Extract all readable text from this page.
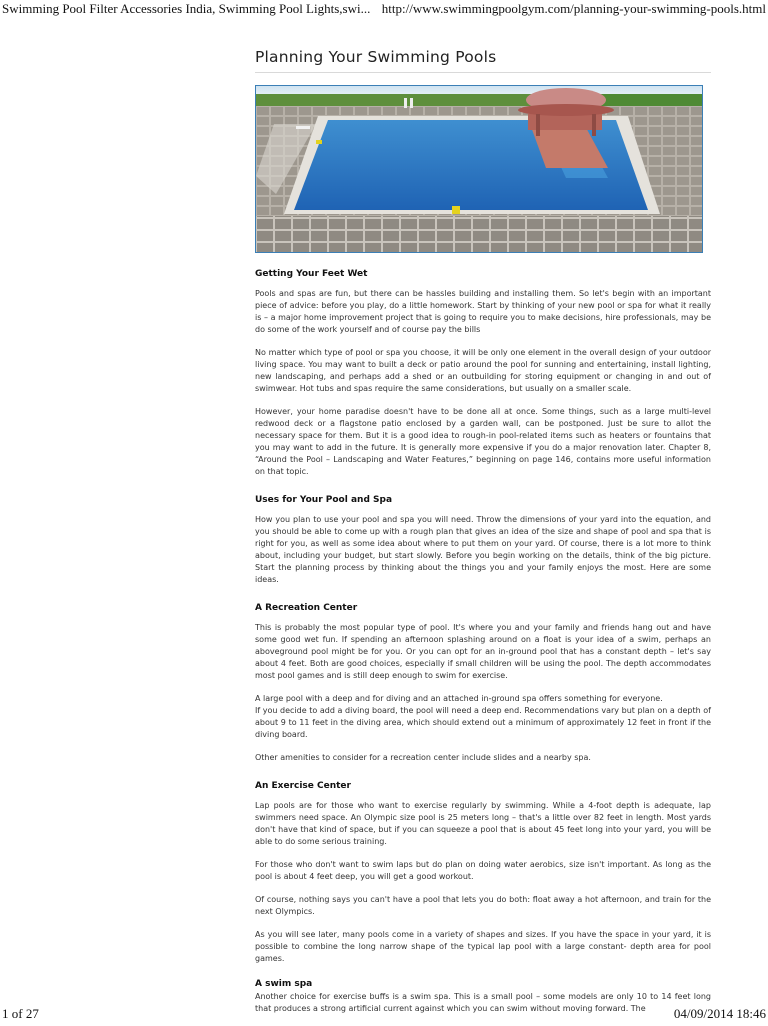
Swimming Pool Filter Accessories India, Swimming Pool Lights,swi... http://www.swimmingpoolgym.com/planning-your-swimming-pools.html
Planning Your Swimming Pools
Getting Your Feet Wet

Pools and spas are fun, but there can be hassles building and installing them. So let's begin with an important piece of advice: before you play, do a little homework. Start by thinking of your new pool or spa for what it really is – a major home improvement project that is going to require you to make decisions, hire professionals, may be do some of the work yourself and of course pay the bills

No matter which type of pool or spa you choose, it will be only one element in the overall design of your outdoor living space. You may want to built a deck or patio around the pool for sunning and entertaining, install lighting, new landscaping, and perhaps add a shed or an outbuilding for storing equipment or changing in and out of swimwear. Hot tubs and spas require the same considerations, but usually on a smaller scale.

However, your home paradise doesn't have to be done all at once. Some things, such as a large multi-level redwood deck or a flagstone patio enclosed by a garden wall, can be postponed. Just be sure to allot the necessary space for them. But it is a good idea to rough-in pool-related items such as heaters or fountains that you may want to add in the future. It is generally more expensive if you do a major renovation later. Chapter 8, “Around the Pool – Landscaping and Water Features,” beginning on page 146, contains more useful information on that topic.

Uses for Your Pool and Spa

How you plan to use your pool and spa you will need. Throw the dimensions of your yard into the equation, and you should be able to come up with a rough plan that gives an idea of the size and shape of pool and spa that is right for you, as well as some idea about where to put them on your yard. Of course, there is a lot more to think about, including your budget, but start slowly. Before you begin working on the details, think of the big picture. Start the planning process by thinking about the things you and your family enjoys the most. Here are some ideas.

A Recreation Center

This is probably the most popular type of pool. It's where you and your family and friends hang out and have some good wet fun. If spending an afternoon splashing around on a float is your idea of a swim, perhaps an aboveground pool might be for you. Or you can opt for an in-ground pool that has a constant depth – let's say about 4 feet. Both are good choices, especially if small children will be using the pool. The depth accommodates most pool games and is still deep enough to swim for exercise.

A large pool with a deep and for diving and an attached in-ground spa offers something for everyone.
If you decide to add a diving board, the pool will need a deep end. Recommendations vary but plan on a depth of about 9 to 11 feet in the diving area, which should extend out a minimum of approximately 12 feet in front if the diving board.

Other amenities to consider for a recreation center include slides and a nearby spa.

An Exercise Center

Lap pools are for those who want to exercise regularly by swimming. While a 4-foot depth is adequate, lap swimmers need space. An Olympic size pool is 25 meters long – that's a little over 82 feet in length. Most yards don't have that kind of space, but if you can squeeze a pool that is about 45 feet long into your yard, you will be able to do some serious training.

For those who don't want to swim laps but do plan on doing water aerobics, size isn't important. As long as the pool is about 4 feet deep, you will get a good workout.

Of course, nothing says you can't have a pool that lets you do both: float away a hot afternoon, and train for the next Olympics.

As you will see later, many pools come in a variety of shapes and sizes. If you have the space in your yard, it is possible to combine the long narrow shape of the typical lap pool with a large constant- depth area for pool games.

A swim spa

Another choice for exercise buffs is a swim spa. This is a small pool – some models are only 10 to 14 feet long that produces a strong artificial current against which you can swim without moving forward. The

1 of 27	04/09/2014 18:46
